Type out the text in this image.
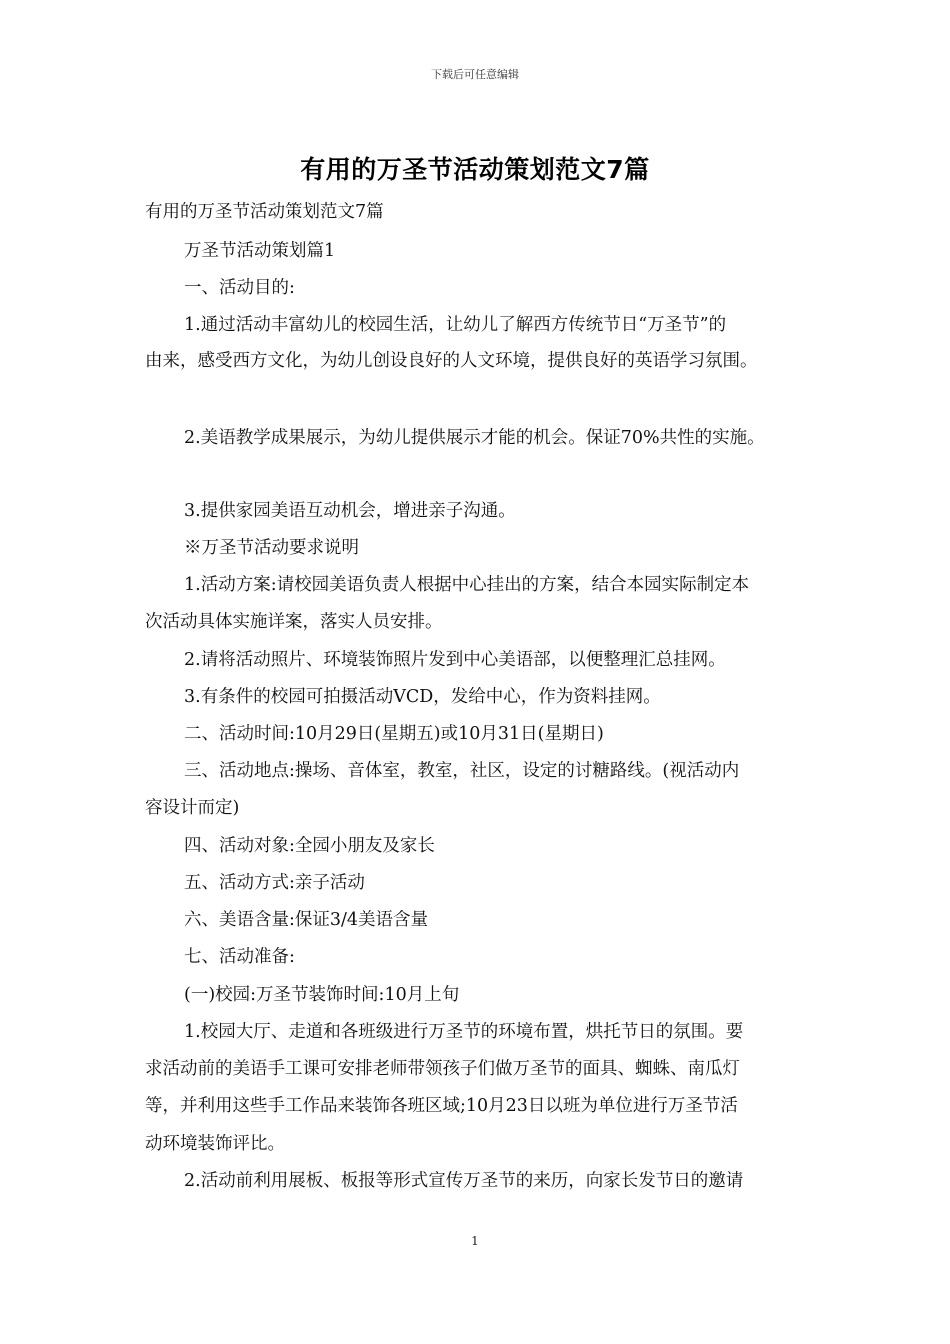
下载后可任意编辑
有用的万圣节活动策划范文7篇
有用的万圣节活动策划范文7篇
万圣节活动策划篇1
一、活动目的:
1.通过活动丰富幼儿的校园生活，让幼儿了解西方传统节日“万圣节”的
由来，感受西方文化，为幼儿创设良好的人文环境，提供良好的英语学习氛围。
2.美语教学成果展示，为幼儿提供展示才能的机会。保证70%共性的实施。
3.提供家园美语互动机会，增进亲子沟通。
※万圣节活动要求说明
1.活动方案:请校园美语负责人根据中心挂出的方案，结合本园实际制定本
次活动具体实施详案，落实人员安排。
2.请将活动照片、环境装饰照片发到中心美语部，以便整理汇总挂网。
3.有条件的校园可拍摄活动VCD，发给中心，作为资料挂网。
二、活动时间:10月29日(星期五)或10月31日(星期日)
三、活动地点:操场、音体室，教室，社区，设定的讨糖路线。(视活动内
容设计而定)
四、活动对象:全园小朋友及家长
五、活动方式:亲子活动
六、美语含量:保证3/4美语含量
七、活动准备:
(一)校园:万圣节装饰时间:10月上旬
1.校园大厅、走道和各班级进行万圣节的环境布置，烘托节日的氛围。要
求活动前的美语手工课可安排老师带领孩子们做万圣节的面具、蜘蛛、南瓜灯
等，并利用这些手工作品来装饰各班区域;10月23日以班为单位进行万圣节活
动环境装饰评比。
2.活动前利用展板、板报等形式宣传万圣节的来历，向家长发节日的邀请
1
